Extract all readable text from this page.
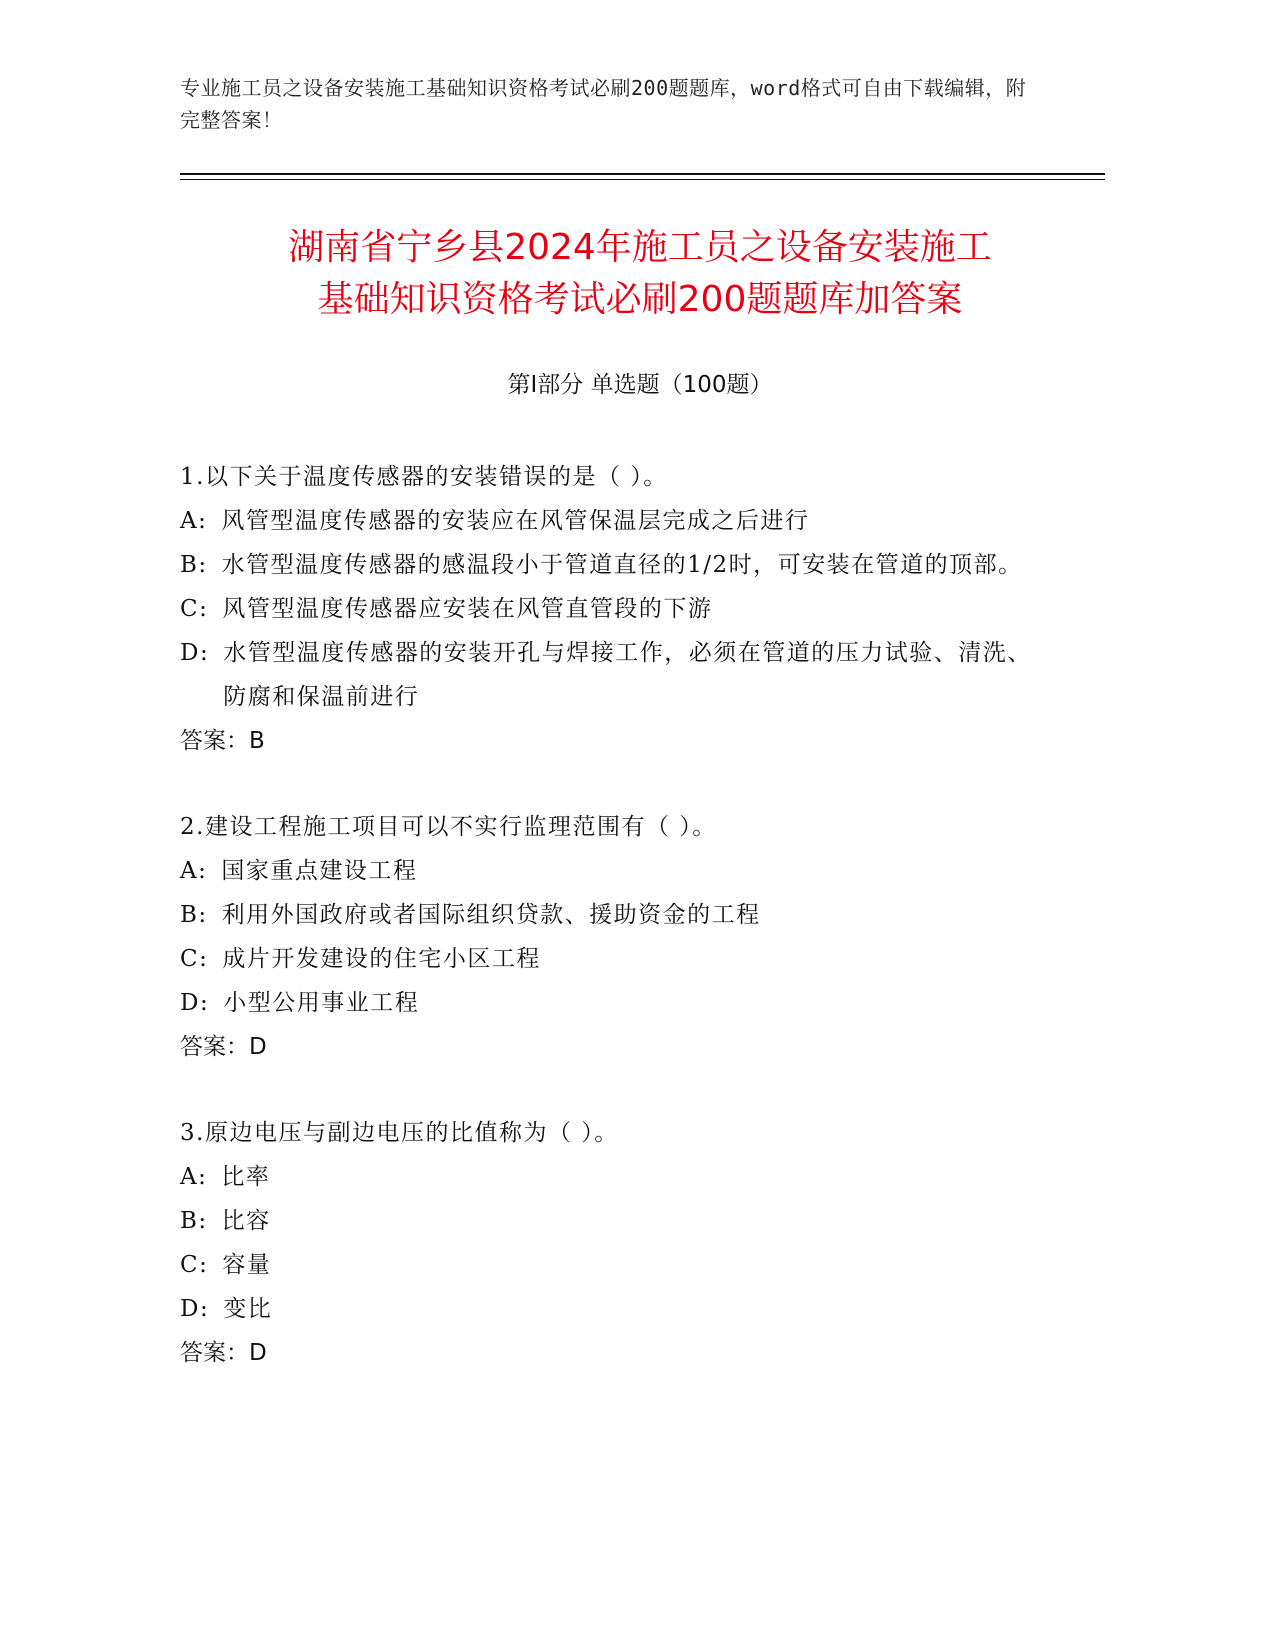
专业施工员之设备安装施工基础知识资格考试必刷200题题库，word格式可自由下载编辑，附完整答案！
湖南省宁乡县2024年施工员之设备安装施工
基础知识资格考试必刷200题题库加答案
第Ⅰ部分 单选题（100题）
1.以下关于温度传感器的安装错误的是（ ）。
A : 风管型温度传感器的安装应在风管保温层完成之后进行
B : 水管型温度传感器的感温段小于管道直径的1/2时，可安装在管道的顶部。
C : 风管型温度传感器应安装在风管直管段的下游
D : 水管型温度传感器的安装开孔与焊接工作，必须在管道的压力试验、清洗、防腐和保温前进行
答案：B
2.建设工程施工项目可以不实行监理范围有（ ）。
A : 国家重点建设工程
B : 利用外国政府或者国际组织贷款、援助资金的工程
C : 成片开发建设的住宅小区工程
D : 小型公用事业工程
答案：D
3.原边电压与副边电压的比值称为（ ）。
A : 比率
B : 比容
C : 容量
D : 变比
答案：D
